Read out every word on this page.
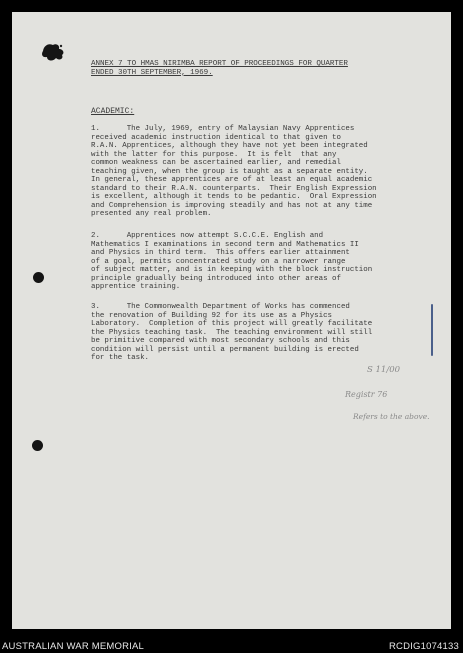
ANNEX 7 TO HMAS NIRIMBA REPORT OF PROCEEDINGS FOR QUARTER
ENDED 30TH SEPTEMBER, 1969.
ACADEMIC:
1.      The July, 1969, entry of Malaysian Navy Apprentices
received academic instruction identical to that given to
R.A.N. Apprentices, although they have not yet been integrated
with the latter for this purpose.  It is felt  that any
common weakness can be ascertained earlier, and remedial
teaching given, when the group is taught as a separate entity.
In general, these apprentices are of at least an equal academic
standard to their R.A.N. counterparts.  Their English Expression
is excellent, although it tends to be pedantic.  Oral Expression
and Comprehension is improving steadily and has not at any time
presented any real problem.
2.      Apprentices now attempt S.C.C.E. English and
Mathematics I examinations in second term and Mathematics II
and Physics in third term.  This offers earlier attainment
of a goal, permits concentrated study on a narrower range
of subject matter, and is in keeping with the block instruction
principle gradually being introduced into other areas of
apprentice training.
3.      The Commonwealth Department of Works has commenced
the renovation of Building 92 for its use as a Physics
Laboratory.  Completion of this project will greatly facilitate
the Physics teaching task.  The teaching environment will still
be primitive compared with most secondary schools and this
condition will persist until a permanent building is erected
for the task.
S 11/00
Registr 76
Refers to the above.
AUSTRALIAN WAR MEMORIAL	RCDIG1074133
